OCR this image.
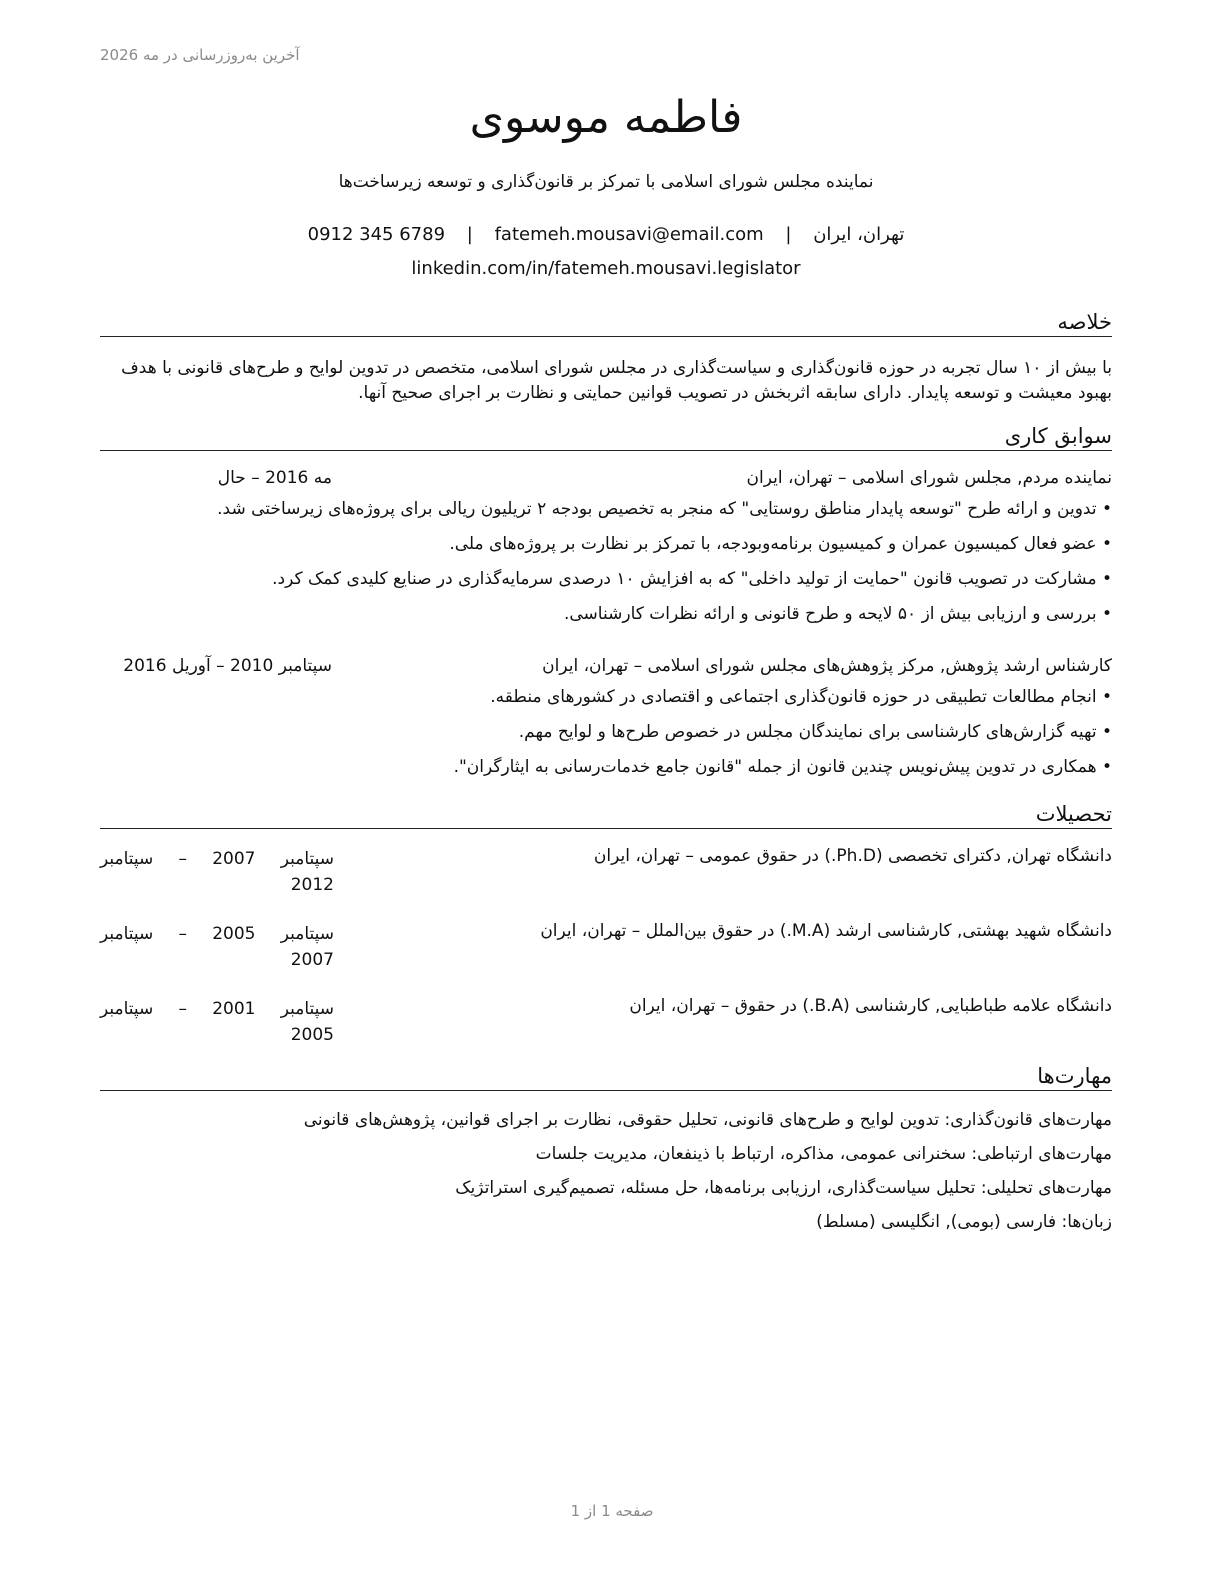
آخرین به‌روزرسانی در مه 2026
فاطمه موسوی
نماینده مجلس شورای اسلامی با تمرکز بر قانون‌گذاری و توسعه زیرساخت‌ها
0912 345 6789 | fatemeh.mousavi@email.com | تهران، ایران
linkedin.com/in/fatemeh.mousavi.legislator
خلاصه
با بیش از ۱۰ سال تجربه در حوزه قانون‌گذاری و سیاست‌گذاری در مجلس شورای اسلامی، متخصص در تدوین لوایح و طرح‌های قانونی با هدف بهبود معیشت و توسعه پایدار. دارای سابقه اثربخش در تصویب قوانین حمایتی و نظارت بر اجرای صحیح آنها.
سوابق کاری
نماینده مردم, مجلس شورای اسلامی – تهران، ایران
مه 2016 – حال
• تدوین و ارائه طرح "توسعه پایدار مناطق روستایی" که منجر به تخصیص بودجه ۲ تریلیون ریالی برای پروژه‌های زیرساختی شد.
• عضو فعال کمیسیون عمران و کمیسیون برنامه‌وبودجه، با تمرکز بر نظارت بر پروژه‌های ملی.
• مشارکت در تصویب قانون "حمایت از تولید داخلی" که به افزایش ۱۰ درصدی سرمایه‌گذاری در صنایع کلیدی کمک کرد.
• بررسی و ارزیابی بیش از ۵۰ لایحه و طرح قانونی و ارائه نظرات کارشناسی.
کارشناس ارشد پژوهش, مرکز پژوهش‌های مجلس شورای اسلامی – تهران، ایران
سپتامبر 2010 – آوریل 2016
• انجام مطالعات تطبیقی در حوزه قانون‌گذاری اجتماعی و اقتصادی در کشورهای منطقه.
• تهیه گزارش‌های کارشناسی برای نمایندگان مجلس در خصوص طرح‌ها و لوایح مهم.
• همکاری در تدوین پیش‌نویس چندین قانون از جمله "قانون جامع خدمات‌رسانی به ایثارگران".
تحصیلات
دانشگاه تهران, دکترای تخصصی (Ph.D.) در حقوق عمومی – تهران، ایران
سپتامبر 2007 – سپتامبر
2012
دانشگاه شهید بهشتی, کارشناسی ارشد (M.A.) در حقوق بین‌الملل – تهران، ایران
سپتامبر 2005 – سپتامبر
2007
دانشگاه علامه طباطبایی, کارشناسی (B.A.) در حقوق – تهران، ایران
سپتامبر 2001 – سپتامبر
2005
مهارت‌ها
مهارت‌های قانون‌گذاری: تدوین لوایح و طرح‌های قانونی، تحلیل حقوقی، نظارت بر اجرای قوانین، پژوهش‌های قانونی
مهارت‌های ارتباطی: سخنرانی عمومی، مذاکره، ارتباط با ذینفعان، مدیریت جلسات
مهارت‌های تحلیلی: تحلیل سیاست‌گذاری، ارزیابی برنامه‌ها، حل مسئله، تصمیم‌گیری استراتژیک
زبان‌ها: فارسی (بومی), انگلیسی (مسلط)
صفحه 1 از 1
